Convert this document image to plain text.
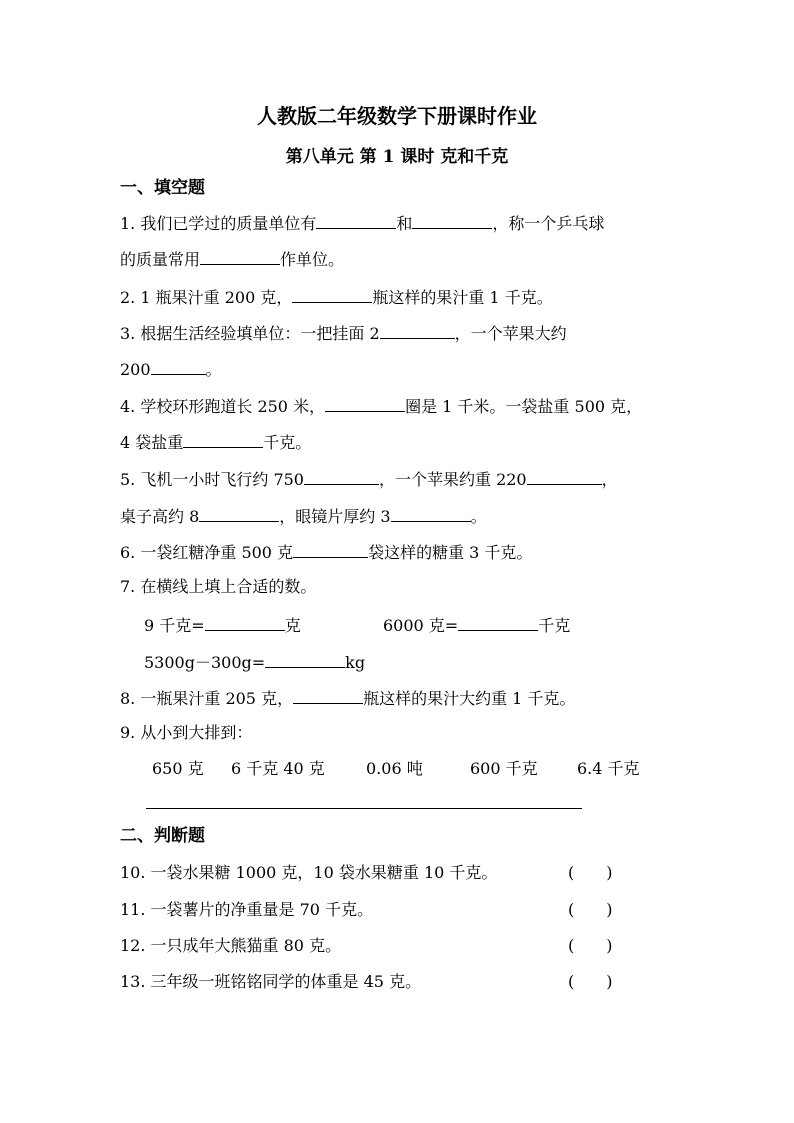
人教版二年级数学下册课时作业
第八单元 第 1 课时 克和千克
一、填空题
1. 我们已学过的质量单位有	和	，称一个乒乓球
的质量常用	作单位。
2. 1 瓶果汁重 200 克，	瓶这样的果汁重 1 千克。
3. 根据生活经验填单位：一把挂面 2	，一个苹果大约
200	。
4. 学校环形跑道长 250 米，	圈是 1 千米。一袋盐重 500 克，
4 袋盐重	千克。
5. 飞机一小时飞行约 750	，一个苹果约重 220	，
桌子高约 8	，眼镜片厚约 3	。
6. 一袋红糖净重 500 克	袋这样的糖重 3 千克。
7. 在横线上填上合适的数。
9 千克=	克	6000 克=	千克
5300g－300g=	kg
8. 一瓶果汁重 205 克，	瓶这样的果汁大约重 1 千克。
9. 从小到大排到：
650 克 6 千克 40 克	0.06 吨	600 千克 6.4 千克
二、判断题
10. 一袋水果糖 1000 克，10 袋水果糖重 10 千克。	( )
11. 一袋薯片的净重量是 70 千克。	( )
12. 一只成年大熊猫重 80 克。	( )
13. 三年级一班铭铭同学的体重是 45 克。	( )
